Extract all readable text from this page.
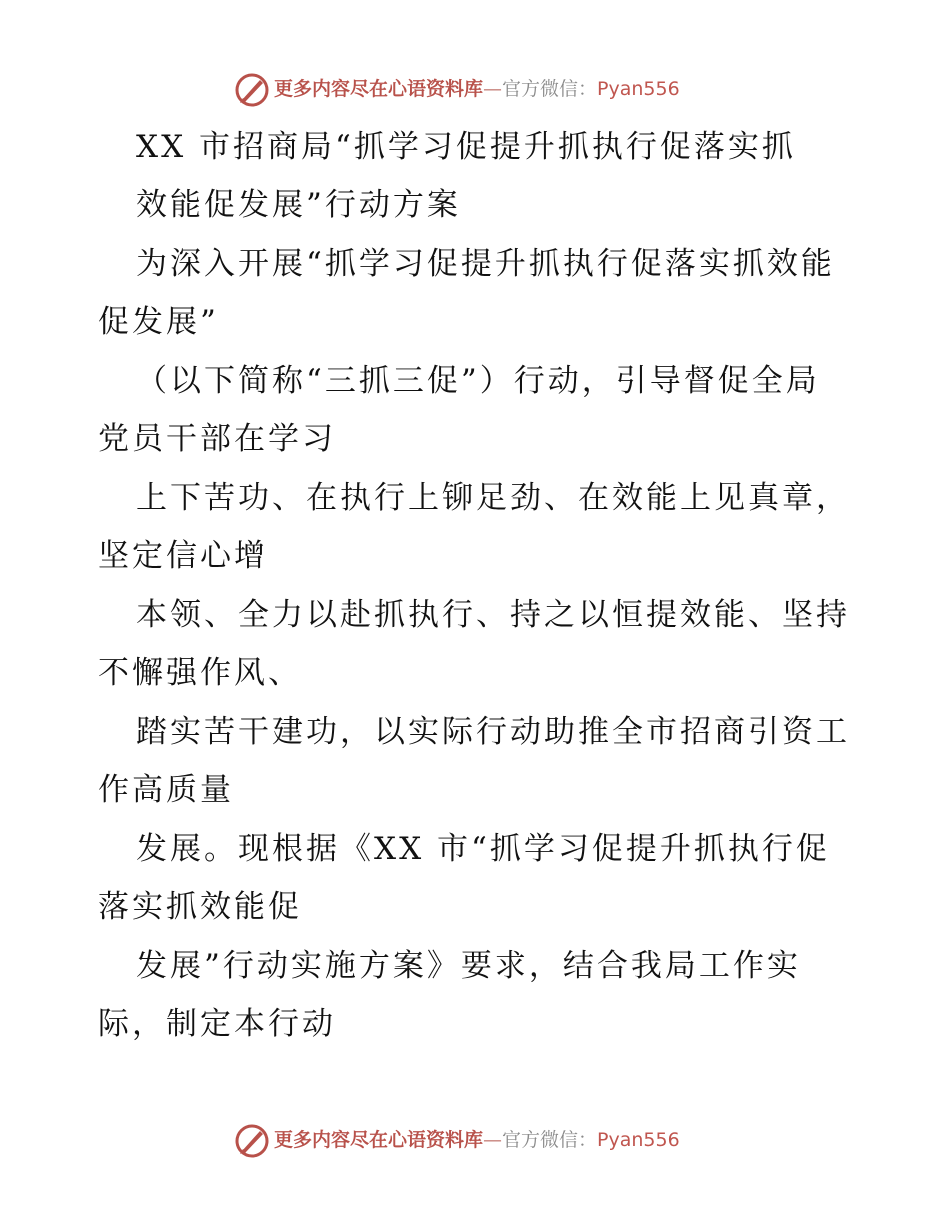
更多内容尽在心语资料库—官方微信：Pyan556
XX 市招商局“抓学习促提升抓执行促落实抓
效能促发展”行动方案
为深入开展“抓学习促提升抓执行促落实抓效能
促发展”
（以下简称“三抓三促”）行动，引导督促全局
党员干部在学习
上下苦功、在执行上铆足劲、在效能上见真章，
坚定信心增
本领、全力以赴抓执行、持之以恒提效能、坚持
不懈强作风、
踏实苦干建功，以实际行动助推全市招商引资工
作高质量
发展。现根据《XX 市“抓学习促提升抓执行促
落实抓效能促
发展”行动实施方案》要求，结合我局工作实
际，制定本行动
更多内容尽在心语资料库—官方微信：Pyan556
